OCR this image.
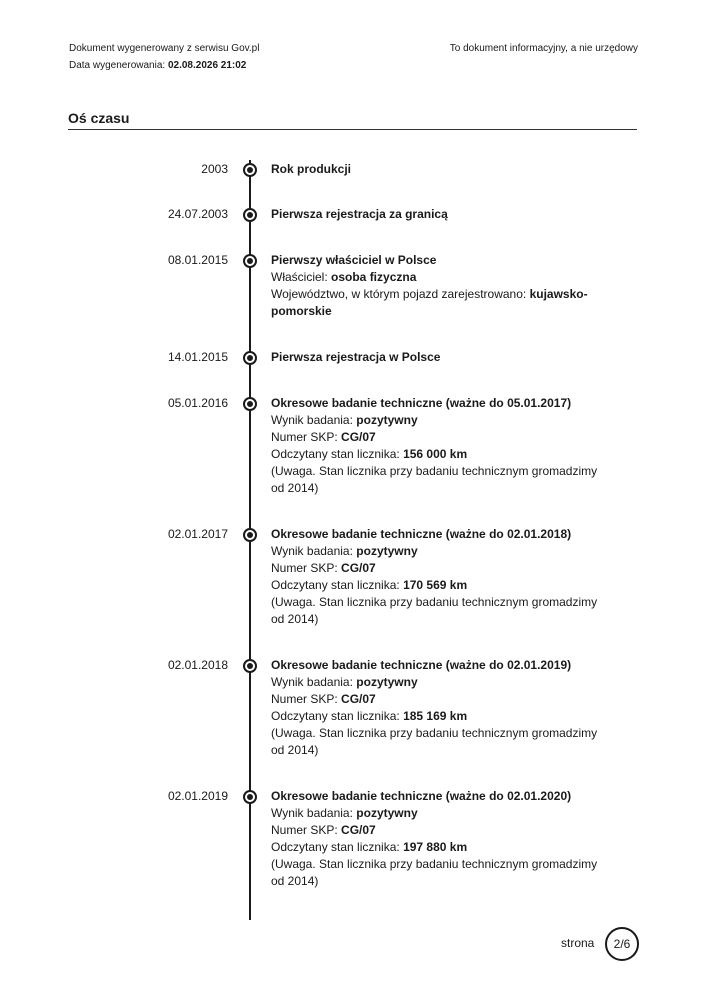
Dokument wygenerowany z serwisu Gov.pl
Data wygenerowania: 02.08.2026 21:02
To dokument informacyjny, a nie urzędowy
Oś czasu
2003	Rok produkcji
24.07.2003	Pierwsza rejestracja za granicą
08.01.2015	Pierwszy właściciel w Polsce
Właściciel: osoba fizyczna
Województwo, w którym pojazd zarejestrowano: kujawsko-pomorskie
14.01.2015	Pierwsza rejestracja w Polsce
05.01.2016	Okresowe badanie techniczne (ważne do 05.01.2017)
Wynik badania: pozytywny
Numer SKP: CG/07
Odczytany stan licznika: 156 000 km
(Uwaga. Stan licznika przy badaniu technicznym gromadzimy od 2014)
02.01.2017	Okresowe badanie techniczne (ważne do 02.01.2018)
Wynik badania: pozytywny
Numer SKP: CG/07
Odczytany stan licznika: 170 569 km
(Uwaga. Stan licznika przy badaniu technicznym gromadzimy od 2014)
02.01.2018	Okresowe badanie techniczne (ważne do 02.01.2019)
Wynik badania: pozytywny
Numer SKP: CG/07
Odczytany stan licznika: 185 169 km
(Uwaga. Stan licznika przy badaniu technicznym gromadzimy od 2014)
02.01.2019	Okresowe badanie techniczne (ważne do 02.01.2020)
Wynik badania: pozytywny
Numer SKP: CG/07
Odczytany stan licznika: 197 880 km
(Uwaga. Stan licznika przy badaniu technicznym gromadzimy od 2014)
strona	2/6
